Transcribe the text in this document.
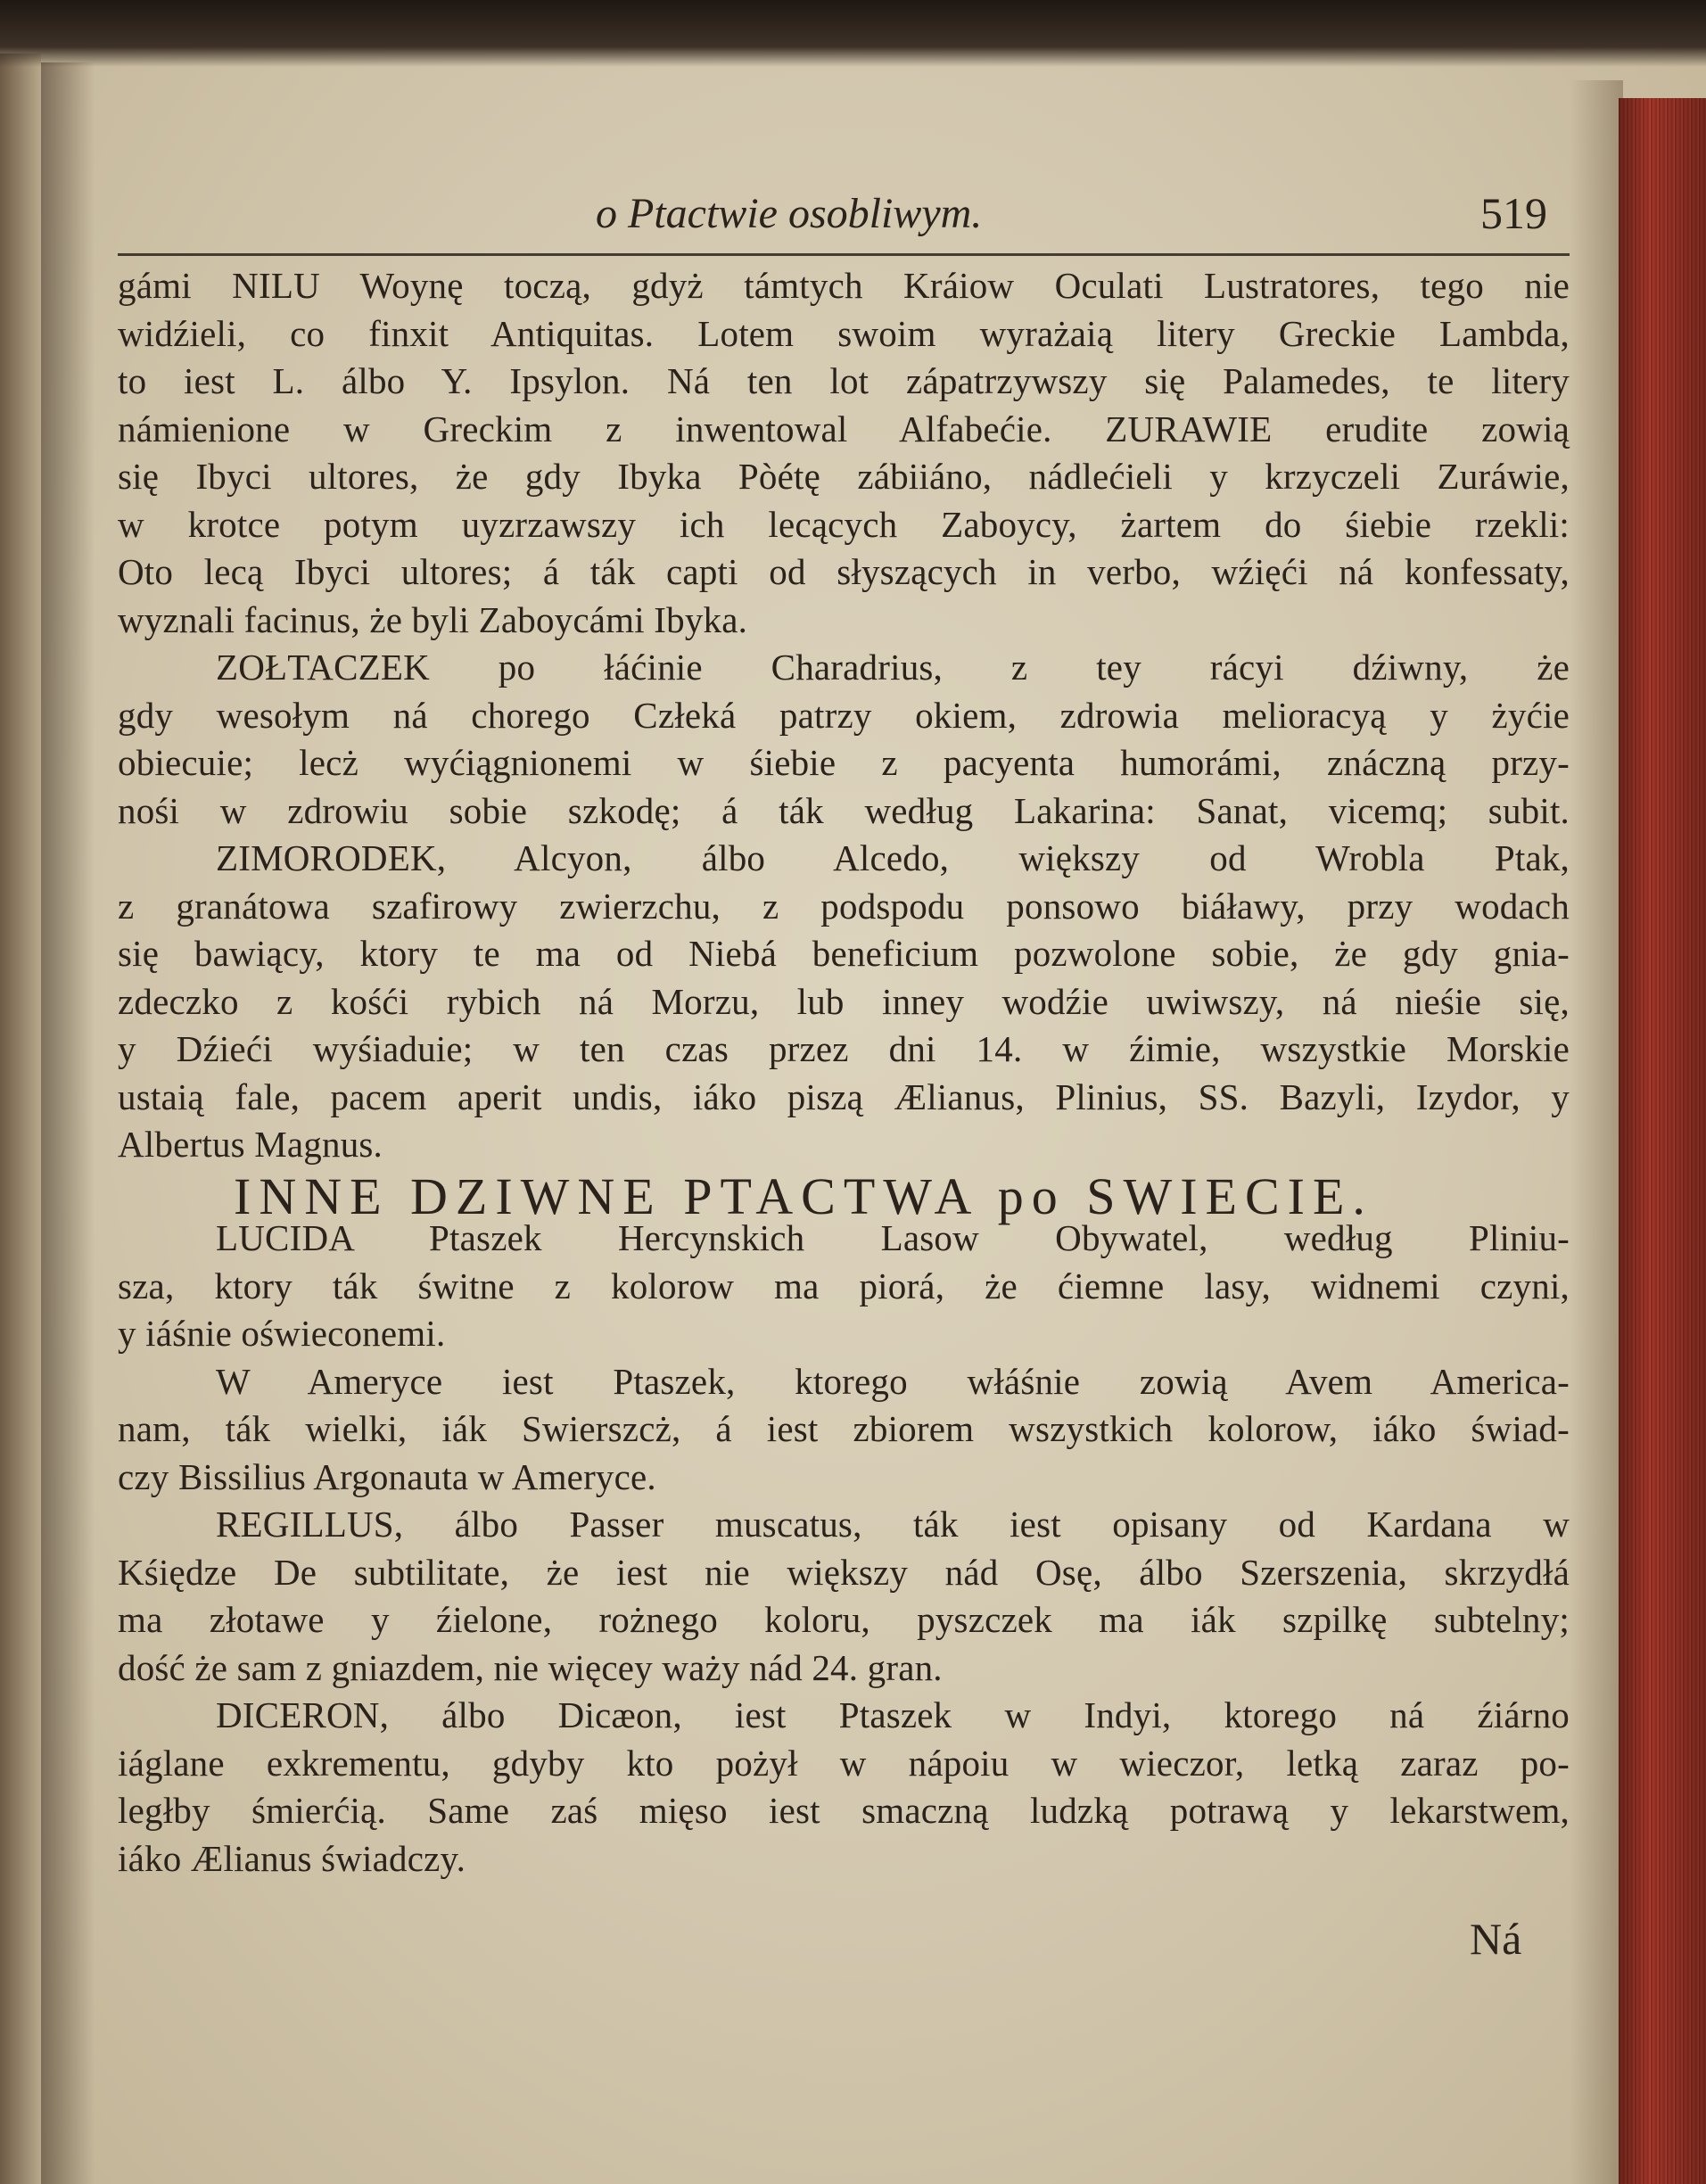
o Ptactwie osobliwym.	519
gámi NILU Woynę toczą, gdyż támtych Kráiow Oculati Lustratores, tego nie
widźieli, co finxit Antiquitas. Lotem swoim wyrażaią litery Greckie Lambda,
to iest L. álbo Y. Ipsylon. Ná ten lot zápatrzywszy się Palamedes, te litery
námienione w Greckim z inwentowal Alfabećie. ZURAWIE erudite zowią
się Ibyci ultores, że gdy Ibyka Pòétę zábiiáno, nádlećieli y krzyczeli Zuráwie,
w krotce potym uyzrzawszy ich lecących Zaboycy, żartem do śiebie rzekli:
Oto lecą Ibyci ultores; á ták capti od słyszących in verbo, wźięći ná konfessaty,
wyznali facinus, że byli Zaboycámi Ibyka.
ZOŁTACZEK po łáćinie Charadrius, z tey rácyi dźiwny, że
gdy wesołym ná chorego Człeká patrzy okiem, zdrowia melioracyą y żyćie
obiecuie; lecż wyćiągnionemi w śiebie z pacyenta humorámi, znáczną przy-
nośi w zdrowiu sobie szkodę; á ták według Lakarina: Sanat, vicemq; subit.
ZIMORODEK, Alcyon, álbo Alcedo, większy od Wrobla Ptak,
z granátowa szafirowy zwierzchu, z podspodu ponsowo biáławy, przy wodach
się bawiący, ktory te ma od Niebá beneficium pozwolone sobie, że gdy gnia-
zdeczko z kośći rybich ná Morzu, lub inney wodźie uwiwszy, ná nieśie się,
y Dźieći wyśiaduie; w ten czas przez dni 14. w źimie, wszystkie Morskie
ustaią fale, pacem aperit undis, iáko piszą Ælianus, Plinius, SS. Bazyli, Izydor, y
Albertus Magnus.
LUCIDA Ptaszek Hercynskich Lasow Obywatel, według Pliniu-
sza, ktory ták świtne z kolorow ma piorá, że ćiemne lasy, widnemi czyni,
y iáśnie oświeconemi.
W Ameryce iest Ptaszek, ktorego włáśnie zowią Avem America-
nam, ták wielki, iák Swierszcż, á iest zbiorem wszystkich kolorow, iáko świad-
czy Bissilius Argonauta w Ameryce.
REGILLUS, álbo Passer muscatus, ták iest opisany od Kardana w
Kśiędze De subtilitate, że iest nie większy nád Osę, álbo Szerszenia, skrzydłá
ma złotawe y źielone, rożnego koloru, pyszczek ma iák szpilkę subtelny;
dość że sam z gniazdem, nie więcey waży nád 24. gran.
DICERON, álbo Dicæon, iest Ptaszek w Indyi, ktorego ná źiárno
iáglane exkrementu, gdyby kto pożył w nápoiu w wieczor, letką zaraz po-
ległby śmierćią. Same zaś mięso iest smaczną ludzką potrawą y lekarstwem,
iáko Ælianus świadczy.
INNE DZIWNE PTACTWA po SWIECIE.
Ná
